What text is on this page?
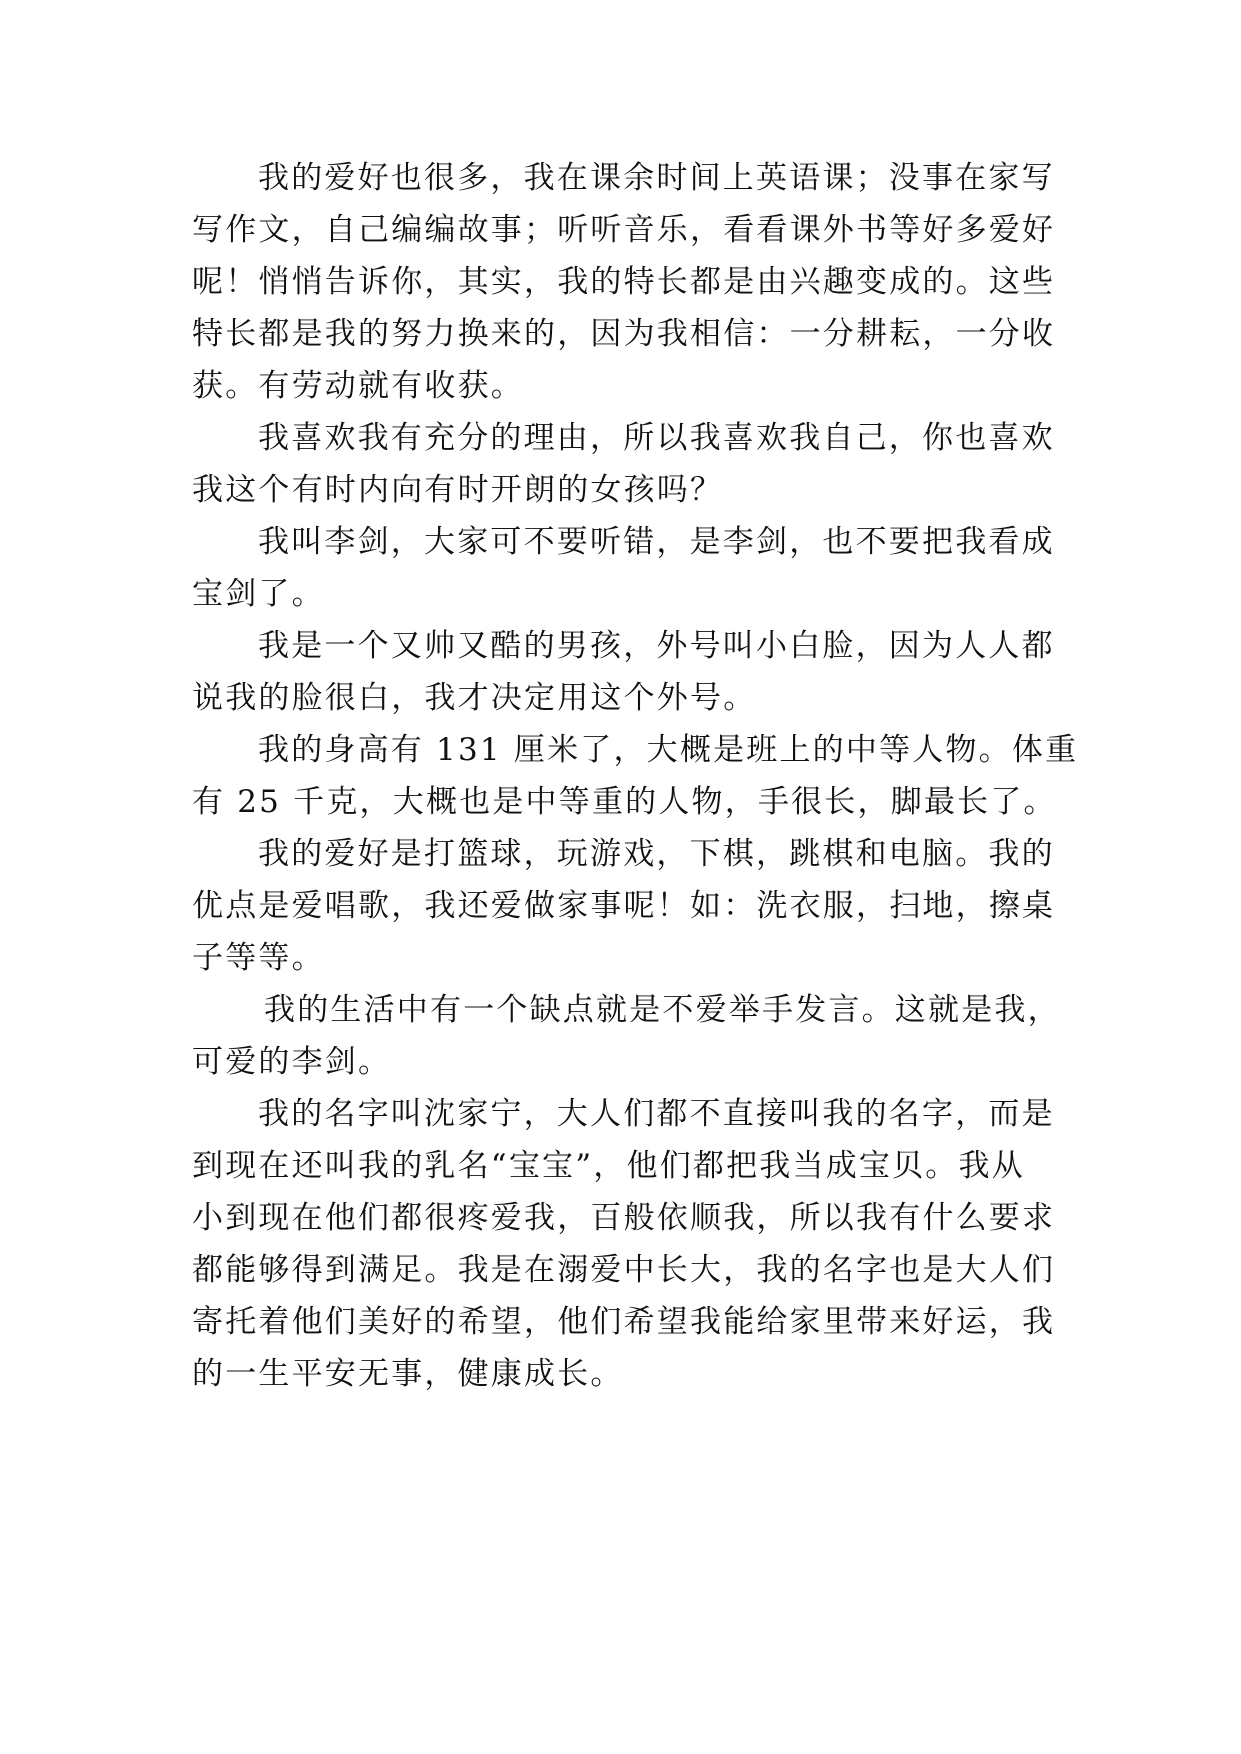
我的爱好也很多，我在课余时间上英语课；没事在家写
写作文，自己编编故事；听听音乐，看看课外书等好多爱好
呢！悄悄告诉你，其实，我的特长都是由兴趣变成的。这些
特长都是我的努力换来的，因为我相信：一分耕耘，一分收
获。有劳动就有收获。
我喜欢我有充分的理由，所以我喜欢我自己，你也喜欢
我这个有时内向有时开朗的女孩吗？
我叫李剑，大家可不要听错，是李剑，也不要把我看成
宝剑了。
我是一个又帅又酷的男孩，外号叫小白脸，因为人人都
说我的脸很白，我才决定用这个外号。
我的身高有 131 厘米了，大概是班上的中等人物。体重
有 25 千克，大概也是中等重的人物，手很长，脚最长了。
我的爱好是打篮球，玩游戏，下棋，跳棋和电脑。我的
优点是爱唱歌，我还爱做家事呢！如：洗衣服，扫地，擦桌
子等等。
我的生活中有一个缺点就是不爱举手发言。这就是我，
可爱的李剑。
我的名字叫沈家宁，大人们都不直接叫我的名字，而是
到现在还叫我的乳名“宝宝”，他们都把我当成宝贝。我从
小到现在他们都很疼爱我，百般依顺我，所以我有什么要求
都能够得到满足。我是在溺爱中长大，我的名字也是大人们
寄托着他们美好的希望，他们希望我能给家里带来好运，我
的一生平安无事，健康成长。
